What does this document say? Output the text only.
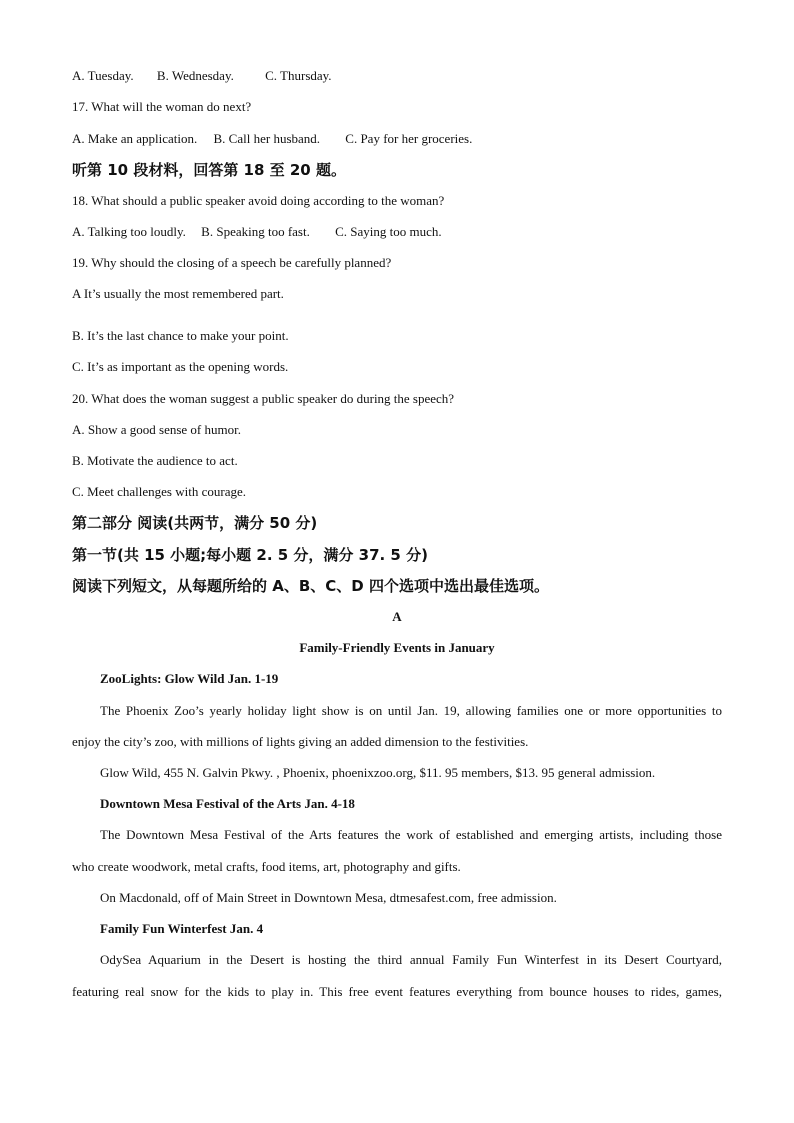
A. Tuesday. B. Wednesday. C. Thursday.
17. What will the woman do next?
A. Make an application. B. Call her husband. C. Pay for her groceries.
听第 10 段材料，回答第 18 至 20 题。
18. What should a public speaker avoid doing according to the woman?
A. Talking too loudly. B. Speaking too fast. C. Saying too much.
19. Why should the closing of a speech be carefully planned?
A It’s usually the most remembered part.
B. It’s the last chance to make your point.
C. It’s as important as the opening words.
20. What does the woman suggest a public speaker do during the speech?
A. Show a good sense of humor.
B. Motivate the audience to act.
C. Meet challenges with courage.
第二部分 阅读(共两节，满分 50 分)
第一节(共 15 小题;每小题 2. 5 分，满分 37. 5 分)
阅读下列短文，从每题所给的 A、B、C、D 四个选项中选出最佳选项。
A
Family-Friendly Events in January
ZooLights: Glow Wild Jan. 1-19
The Phoenix Zoo’s yearly holiday light show is on until Jan. 19, allowing families one or more opportunities to
enjoy the city’s zoo, with millions of lights giving an added dimension to the festivities.
Glow Wild, 455 N. Galvin Pkwy. , Phoenix, phoenixzoo.org, $11. 95 members, $13. 95 general admission.
Downtown Mesa Festival of the Arts Jan. 4-18
The Downtown Mesa Festival of the Arts features the work of established and emerging artists, including those
who create woodwork, metal crafts, food items, art, photography and gifts.
On Macdonald, off of Main Street in Downtown Mesa, dtmesafest.com, free admission.
Family Fun Winterfest Jan. 4
OdySea Aquarium in the Desert is hosting the third annual Family Fun Winterfest in its Desert Courtyard,
featuring real snow for the kids to play in. This free event features everything from bounce houses to rides, games,
